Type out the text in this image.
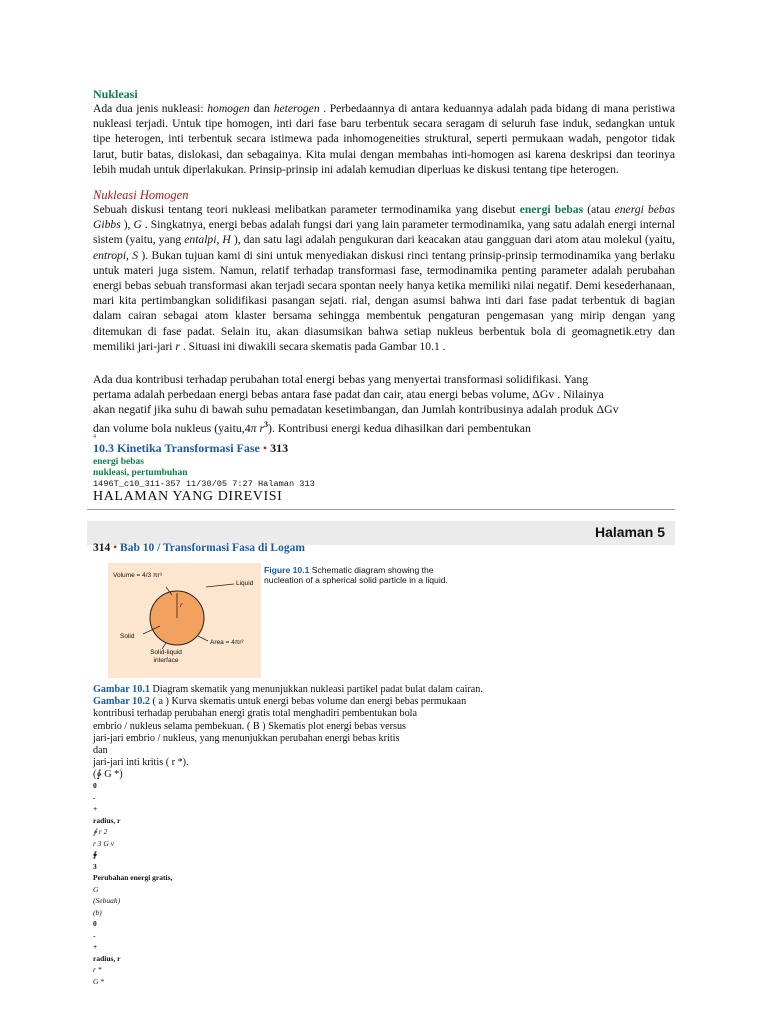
Nukleasi
Ada dua jenis nukleasi: homogen dan heterogen . Perbedaannya di antara keduannya adalah pada bidang di mana peristiwa nukleasi terjadi. Untuk tipe homogen, inti dari fase baru terbentuk secara seragam di seluruh fase induk, sedangkan untuk tipe heterogen, inti terbentuk secara istimewa pada inhomogeneities struktural, seperti permukaan wadah, pengotor tidak larut, butir batas, dislokasi, dan sebagainya. Kita mulai dengan membahas inti-homogen asi karena deskripsi dan teorinya lebih mudah untuk diperlakukan. Prinsip-prinsip ini adalah kemudian diperluas ke diskusi tentang tipe heterogen.
Nukleasi Homogen
Sebuah diskusi tentang teori nukleasi melibatkan parameter termodinamika yang disebut energi bebas (atau energi bebas Gibbs ), G . Singkatnya, energi bebas adalah fungsi dari yang lain parameter termodinamika, yang satu adalah energi internal sistem (yaitu, yang entalpi, H ), dan satu lagi adalah pengukuran dari keacakan atau gangguan dari atom atau molekul (yaitu, entropi, S ). Bukan tujuan kami di sini untuk menyediakan diskusi rinci tentang prinsip-prinsip termodinamika yang berlaku untuk materi juga sistem. Namun, relatif terhadap transformasi fase, termodinamika penting parameter adalah perubahan energi bebas sebuah transformasi akan terjadi secara spontan neely hanya ketika memiliki nilai negatif. Demi kesederhanaan, mari kita pertimbangkan solidifikasi pasangan sejati. rial, dengan asumsi bahwa inti dari fase padat terbentuk di bagian dalam cairan sebagai atom klaster bersama sehingga membentuk pengaturan pengemasan yang mirip dengan yang ditemukan di fase padat. Selain itu, akan diasumsikan bahwa setiap nukleus berbentuk bola di geomagnetik.etry dan memiliki jari-jari r . Situasi ini diwakili secara skematis pada Gambar 10.1 .
Ada dua kontribusi terhadap perubahan total energi bebas yang menyertai transformasi solidifikasi. Yang
pertama adalah perbedaan energi bebas antara fase padat dan cair, atau energi bebas volume, ΔGv . Nilainya
akan negatif jika suhu di bawah suhu pemadatan kesetimbangan, dan Jumlah kontribusinya adalah produk ΔGv
dan volume bola nukleus (yaitu,4π $r^3$). Kontribusi energi kedua dihasilkan dari pembentukan
4
10.3 Kinetika Transformasi Fase • 313
energi bebas
nukleasi, pertumbuhan
1496T_c10_311-357 11/30/05 7:27 Halaman 313
HALAMAN YANG DIREVISI
Halaman 5
314 • Bab 10 / Transformasi Fasa di Logam
Volume = 4/3 πr³
Liquid
r
Solid
Area = 4πr²
Solid-liquid interface
Figure 10.1 Schematic diagram showing the nucleation of a spherical solid particle in a liquid.
Gambar 10.1 Diagram skematik yang menunjukkan nukleasi partikel padat bulat dalam cairan.
Gambar 10.2 ( a ) Kurva skematis untuk energi bebas volume dan energi bebas permukaan
kontribusi terhadap perubahan energi gratis total menghadiri pembentukan bola
embrio / nukleus selama pembekuan. ( B ) Skematis plot energi bebas versus
jari-jari embrio / nukleus, yang menunjukkan perubahan energi bebas kritis
dan
jari-jari inti kritis ( r *).
(∲ G *)
0
-
+
radius, r
∲ r 2
r 3 G v
∲
3
Perubahan energi gratis,
G
(Sebuah)
(b)
0
-
+
radius, r
r *
G *
